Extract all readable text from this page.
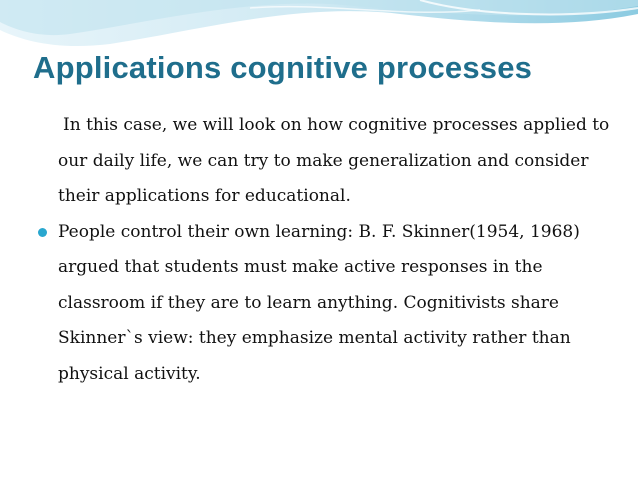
Applications cognitive processes

In this case, we will look on how cognitive processes applied to our daily life, we can try to make generalization and consider their applications for educational.

People control their own learning: B. F. Skinner(1954, 1968) argued that students must make active responses in the classroom if they are to learn anything. Cognitivists share Skinner`s view: they emphasize mental activity rather than physical activity.
